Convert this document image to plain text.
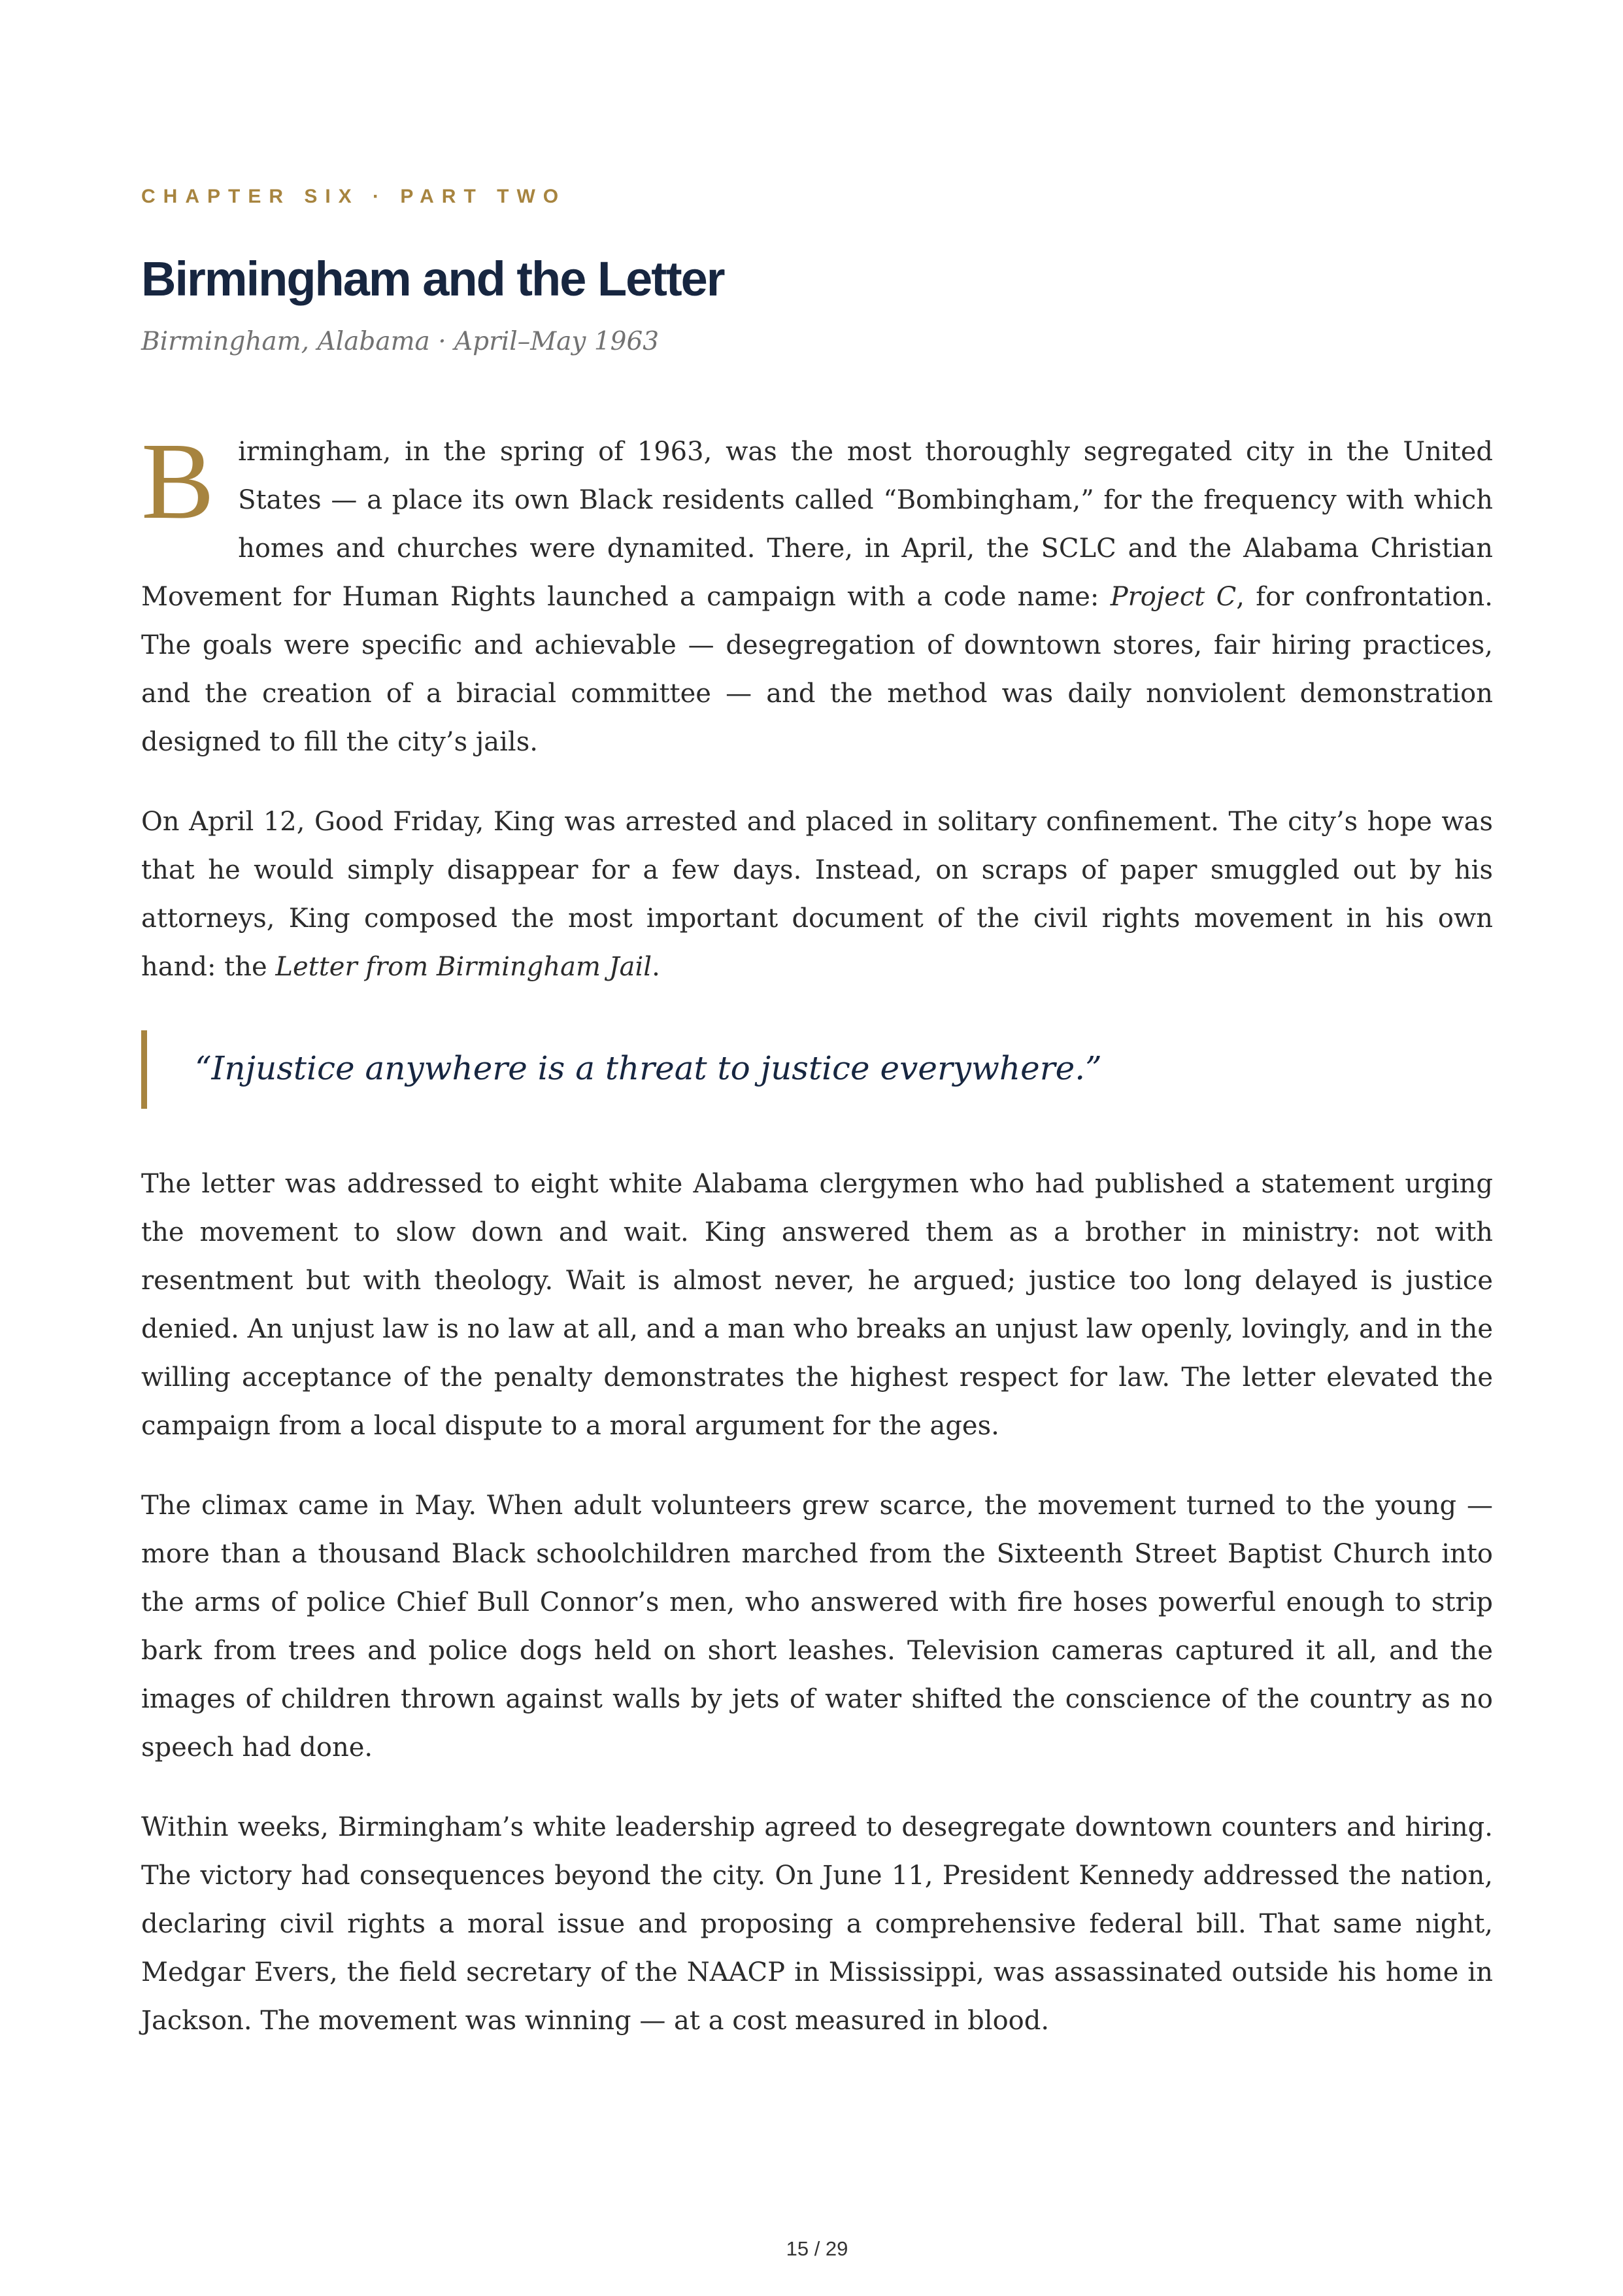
CHAPTER SIX · PART TWO
Birmingham and the Letter
Birmingham, Alabama · April–May 1963

Birmingham, in the spring of 1963, was the most thoroughly segregated city in the United States — a place its own Black residents called “Bombingham,” for the frequency with which homes and churches were dynamited. There, in April, the SCLC and the Alabama Christian Movement for Human Rights launched a campaign with a code name: Project C, for confrontation. The goals were specific and achievable — desegregation of downtown stores, fair hiring practices, and the creation of a biracial committee — and the method was daily nonviolent demonstration designed to fill the city’s jails.

On April 12, Good Friday, King was arrested and placed in solitary confinement. The city’s hope was that he would simply disappear for a few days. Instead, on scraps of paper smuggled out by his attorneys, King composed the most important document of the civil rights movement in his own hand: the Letter from Birmingham Jail.

“Injustice anywhere is a threat to justice everywhere.”

The letter was addressed to eight white Alabama clergymen who had published a statement urging the movement to slow down and wait. King answered them as a brother in ministry: not with resentment but with theology. Wait is almost never, he argued; justice too long delayed is justice denied. An unjust law is no law at all, and a man who breaks an unjust law openly, lovingly, and in the willing acceptance of the penalty demonstrates the highest respect for law. The letter elevated the campaign from a local dispute to a moral argument for the ages.

The climax came in May. When adult volunteers grew scarce, the movement turned to the young — more than a thousand Black schoolchildren marched from the Sixteenth Street Baptist Church into the arms of police Chief Bull Connor’s men, who answered with fire hoses powerful enough to strip bark from trees and police dogs held on short leashes. Television cameras captured it all, and the images of children thrown against walls by jets of water shifted the conscience of the country as no speech had done.

Within weeks, Birmingham’s white leadership agreed to desegregate downtown counters and hiring. The victory had consequences beyond the city. On June 11, President Kennedy addressed the nation, declaring civil rights a moral issue and proposing a comprehensive federal bill. That same night, Medgar Evers, the field secretary of the NAACP in Mississippi, was assassinated outside his home in Jackson. The movement was winning — at a cost measured in blood.

15 / 29
